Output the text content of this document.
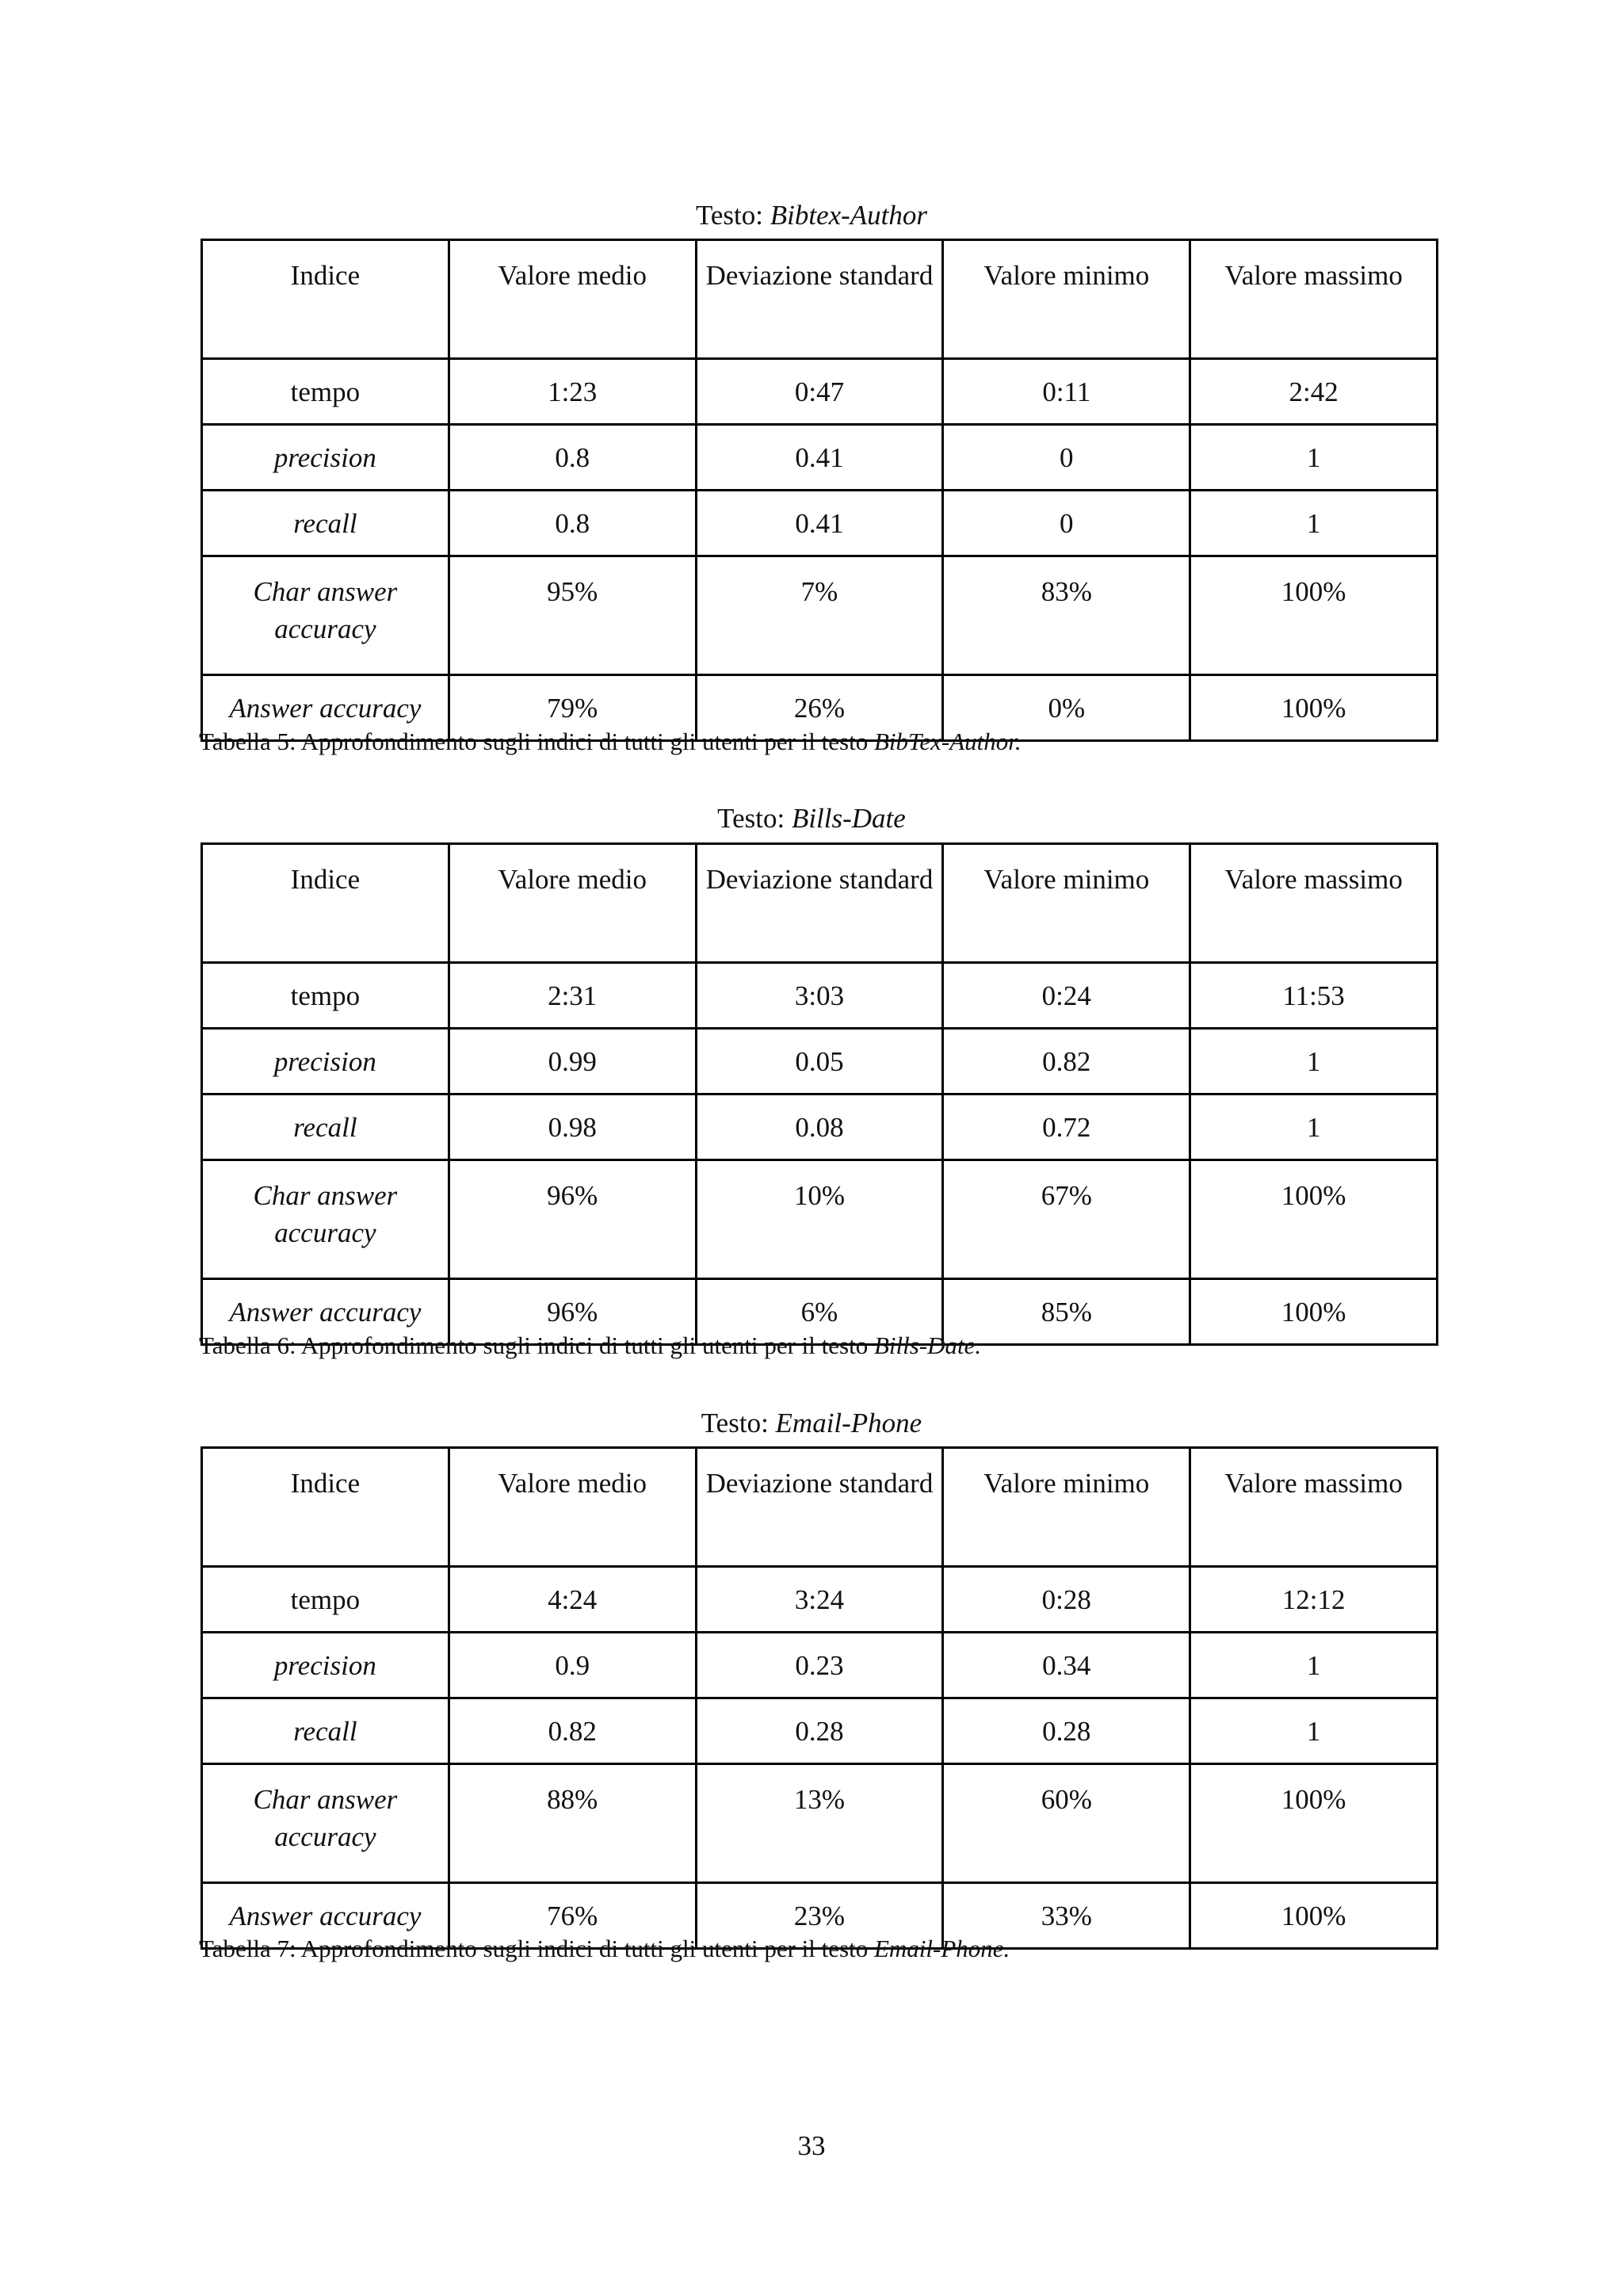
Testo: Bibtex-Author
Indice	Valore medio	Deviazione standard	Valore minimo	Valore massimo
tempo	1:23	0:47	0:11	2:42
precision	0.8	0.41	0	1
recall	0.8	0.41	0	1
Char answer accuracy	95%	7%	83%	100%
Answer accuracy	79%	26%	0%	100%
Tabella 5: Approfondimento sugli indici di tutti gli utenti per il testo BibTex-Author.
Testo: Bills-Date
Indice	Valore medio	Deviazione standard	Valore minimo	Valore massimo
tempo	2:31	3:03	0:24	11:53
precision	0.99	0.05	0.82	1
recall	0.98	0.08	0.72	1
Char answer accuracy	96%	10%	67%	100%
Answer accuracy	96%	6%	85%	100%
Tabella 6: Approfondimento sugli indici di tutti gli utenti per il testo Bills-Date.
Testo: Email-Phone
Indice	Valore medio	Deviazione standard	Valore minimo	Valore massimo
tempo	4:24	3:24	0:28	12:12
precision	0.9	0.23	0.34	1
recall	0.82	0.28	0.28	1
Char answer accuracy	88%	13%	60%	100%
Answer accuracy	76%	23%	33%	100%
Tabella 7: Approfondimento sugli indici di tutti gli utenti per il testo Email-Phone.
33
